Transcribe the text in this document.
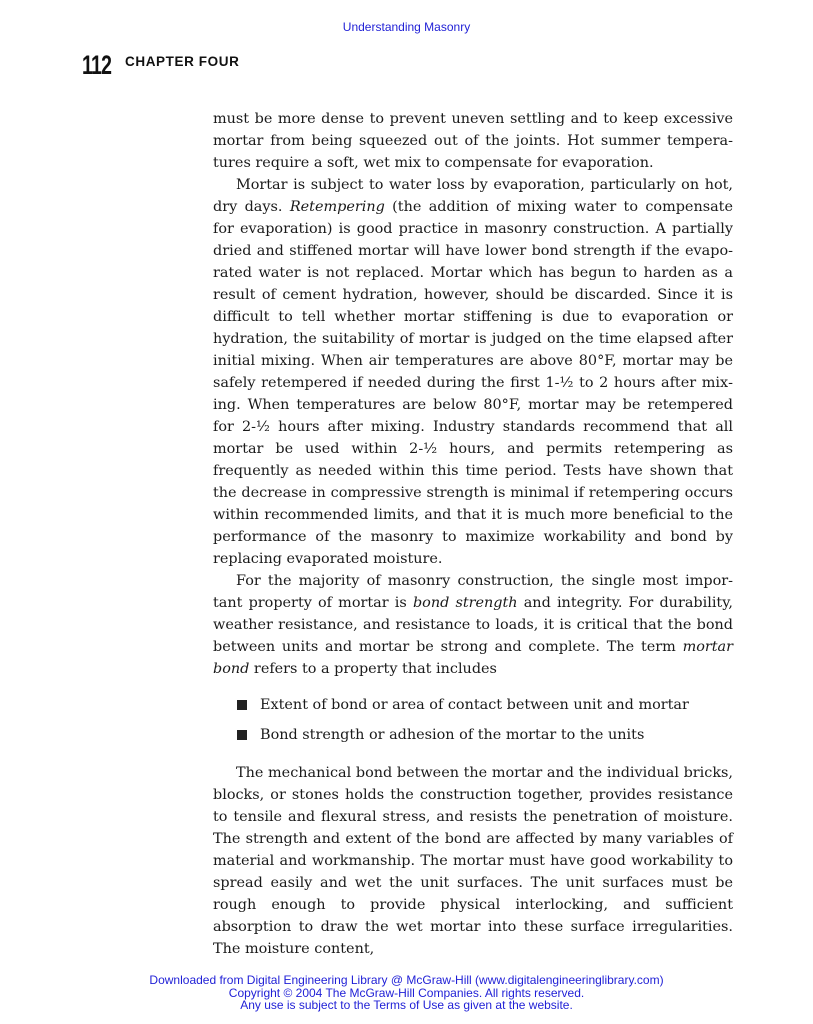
Understanding Masonry
112 CHAPTER FOUR

must be more dense to prevent uneven settling and to keep excessive mortar from being squeezed out of the joints. Hot summer temperatures require a soft, wet mix to compensate for evaporation.

Mortar is subject to water loss by evaporation, particularly on hot, dry days. Retempering (the addition of mixing water to compensate for evaporation) is good practice in masonry construction. A partially dried and stiffened mortar will have lower bond strength if the evaporated water is not replaced. Mortar which has begun to harden as a result of cement hydration, however, should be discarded. Since it is difficult to tell whether mortar stiffening is due to evaporation or hydration, the suitability of mortar is judged on the time elapsed after initial mixing. When air temperatures are above 80°F, mortar may be safely retempered if needed during the first 1-¹⁄₂ to 2 hours after mixing. When temperatures are below 80°F, mortar may be retempered for 2-¹⁄₂ hours after mixing. Industry standards recommend that all mortar be used within 2-¹⁄₂ hours, and permits retempering as frequently as needed within this time period. Tests have shown that the decrease in compressive strength is minimal if retempering occurs within recommended limits, and that it is much more beneficial to the performance of the masonry to maximize workability and bond by replacing evaporated moisture.

For the majority of masonry construction, the single most important property of mortar is bond strength and integrity. For durability, weather resistance, and resistance to loads, it is critical that the bond between units and mortar be strong and complete. The term mortar bond refers to a property that includes

Extent of bond or area of contact between unit and mortar
Bond strength or adhesion of the mortar to the units

The mechanical bond between the mortar and the individual bricks, blocks, or stones holds the construction together, provides resistance to tensile and flexural stress, and resists the penetration of moisture. The strength and extent of the bond are affected by many variables of material and workmanship. The mortar must have good workability to spread easily and wet the unit surfaces. The unit surfaces must be rough enough to provide physical interlocking, and sufficient absorption to draw the wet mortar into these surface irregularities. The moisture content,

Downloaded from Digital Engineering Library @ McGraw-Hill (www.digitalengineeringlibrary.com)
Copyright © 2004 The McGraw-Hill Companies. All rights reserved.
Any use is subject to the Terms of Use as given at the website.
